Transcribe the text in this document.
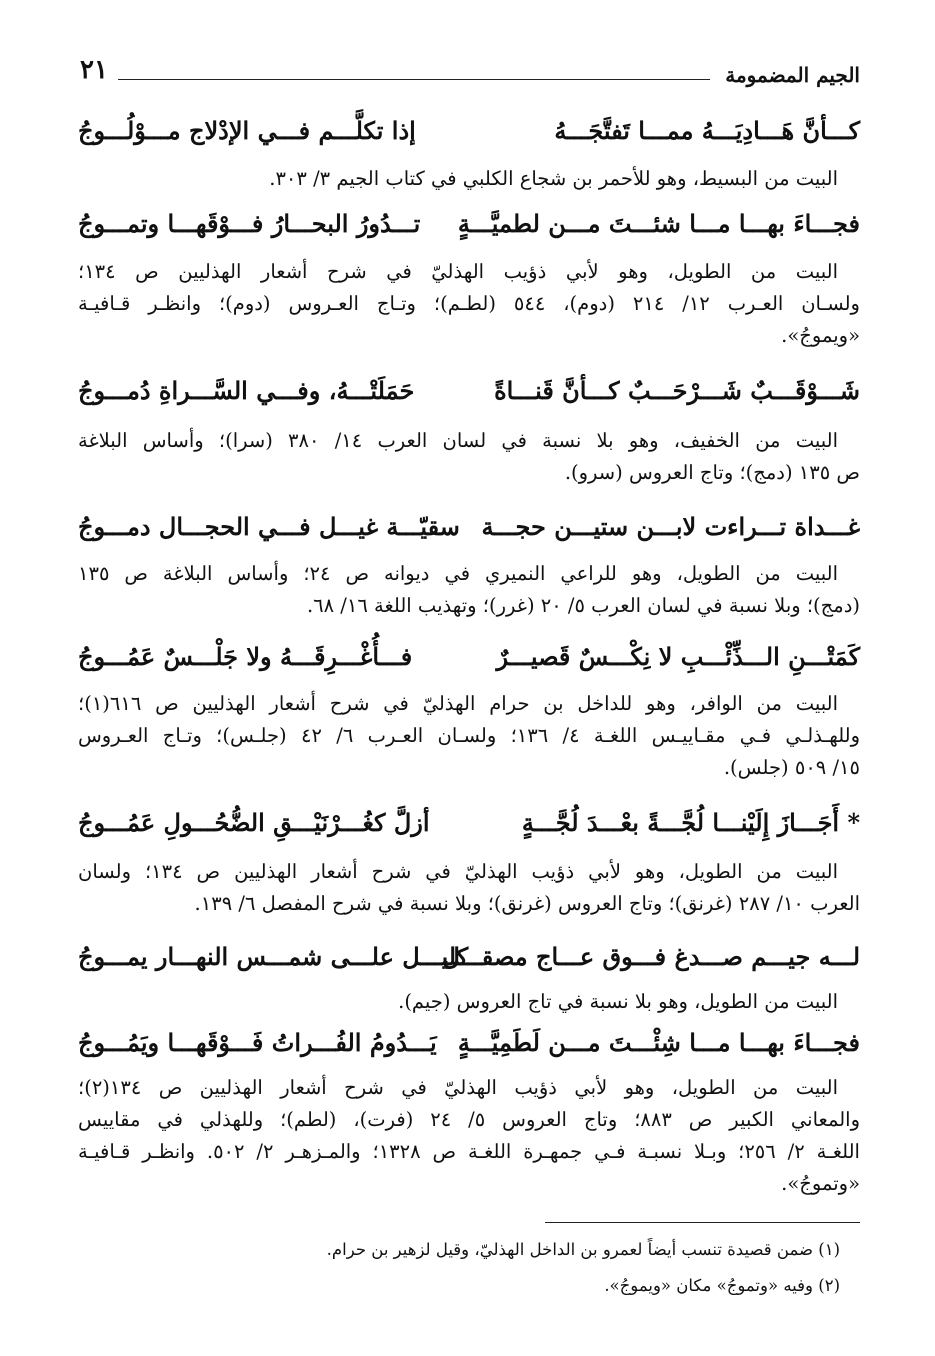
الجيم المضمومة
٢١
كـــأنَّ هَـــادِيَـــهُ ممـــا تَفتَّجَـــهُ
إذا تكلَّـــم فـــي الإدْلاج مـــوْلُـــوجُ
البيت من البسيط، وهو للأحمر بن شجاع الكلبي في كتاب الجيم ٣/ ٣٠٣.
فجـــاءَ بهـــا مـــا شئـــتَ مـــن لطميَّـــةٍ
تـــدُورُ البحـــارُ فـــوْقَهـــا وتمـــوجُ
البيت من الطويل، وهو لأبي ذؤيب الهذليّ في شرح أشعار الهذليين ص ١٣٤؛
ولسـان العـرب ١٢/ ٢١٤ (دوم)، ٥٤٤ (لطـم)؛ وتـاج العـروس (دوم)؛ وانظـر قـافيـة
«ويموجُ».
شَـــوْقَـــبٌ شَـــرْحَـــبٌ كـــأنَّ قَنـــاةً
حَمَلَتْـــهُ، وفـــي السَّـــراةِ دُمـــوجُ
البيت من الخفيف، وهو بلا نسبة في لسان العرب ١٤/ ٣٨٠ (سرا)؛ وأساس البلاغة
ص ١٣٥ (دمج)؛ وتاج العروس (سرو).
غـــداة تـــراءت لابـــن ستيـــن حجـــة
سقيّـــة غيـــل فـــي الحجـــال دمـــوجُ
البيت من الطويل، وهو للراعي النميري في ديوانه ص ٢٤؛ وأساس البلاغة ص ١٣٥
(دمج)؛ وبلا نسبة في لسان العرب ٥/ ٢٠ (غرر)؛ وتهذيب اللغة ١٦/ ٦٨.
كَمَتْـــنِ الـــذِّئْـــبِ لا نِكْـــسٌ قَصيـــرٌ
فـــأُغْـــرِقَـــهُ ولا جَلْـــسٌ عَمُـــوجُ
البيت من الوافر، وهو للداخل بن حرام الهذليّ في شرح أشعار الهذليين ص ٦١٦(١)؛
وللهـذلـي فـي مقـاييـس اللغـة ٤/ ١٣٦؛ ولسـان العـرب ٦/ ٤٢ (جلـس)؛ وتـاج العـروس
١٥/ ٥٠٩ (جلس).
* أَجَـــازَ إِلَيْنـــا لُجَّـــةً بعْـــدَ لُجَّـــةٍ
أزلَّ كغُـــرْنَيْـــقِ الضُّحُـــولِ عَمُـــوجُ
البيت من الطويل، وهو لأبي ذؤيب الهذليّ في شرح أشعار الهذليين ص ١٣٤؛ ولسان
العرب ١٠/ ٢٨٧ (غرنق)؛ وتاج العروس (غرنق)؛ وبلا نسبة في شرح المفصل ٦/ ١٣٩.
لـــه جيـــم صـــدغ فـــوق عـــاج مصقـــل
كليـــل علـــى شمـــس النهـــار يمـــوجُ
البيت من الطويل، وهو بلا نسبة في تاج العروس (جيم).
فجـــاءَ بهـــا مـــا شِئْـــتَ مـــن لَطَمِيَّـــةٍ
يَـــدُومُ الفُـــراتُ فَـــوْقَهـــا ويَمُـــوجُ
البيت من الطويل، وهو لأبي ذؤيب الهذليّ في شرح أشعار الهذليين ص ١٣٤(٢)؛
والمعاني الكبير ص ٨٨٣؛ وتاج العروس ٥/ ٢٤ (فرت)، (لطم)؛ وللهذلي في مقاييس
اللغـة ٢/ ٢٥٦؛ وبـلا نسبـة فـي جمهـرة اللغـة ص ١٣٢٨؛ والمـزهـر ٢/ ٥٠٢. وانظـر قـافيـة
«وتموجُ».
(١) ضمن قصيدة تنسب أيضاً لعمرو بن الداخل الهذليّ، وقيل لزهير بن حرام.
(٢) وفيه «وتموجُ» مكان «ويموجُ».
